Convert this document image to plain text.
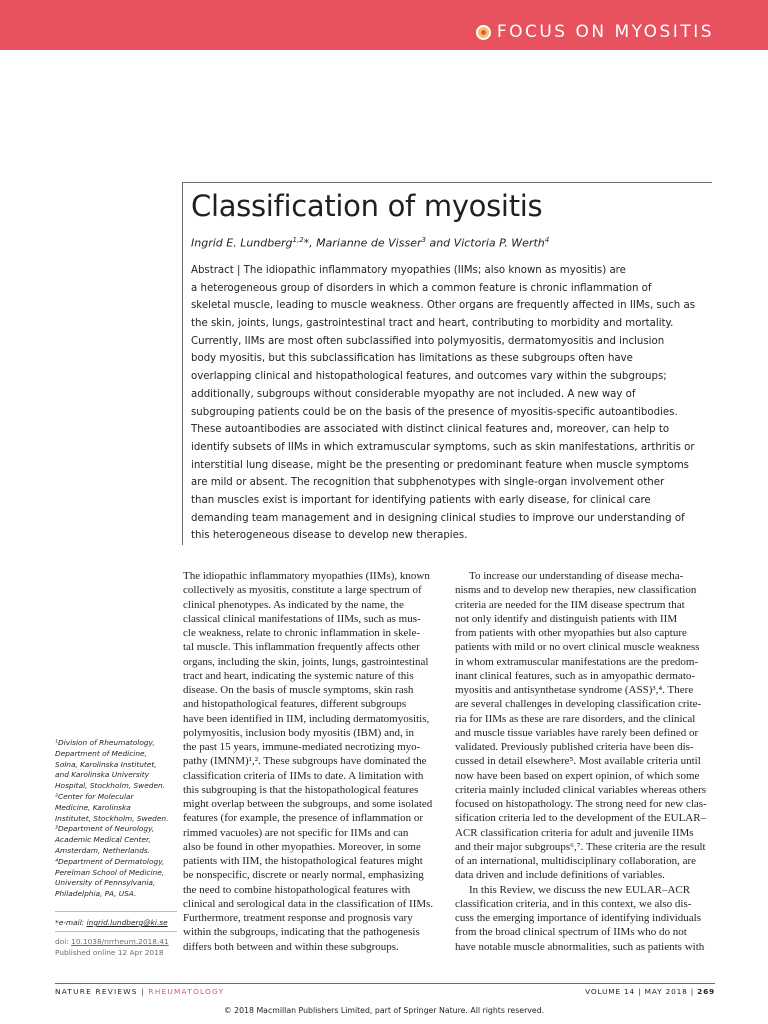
FOCUS ON MYOSITIS
Classification of myositis
Ingrid E. Lundberg$^{1,2}$*, Marianne de Visser$^3$ and Victoria P. Werth$^4$
Abstract | The idiopathic inflammatory myopathies (IIMs; also known as myositis) are
a heterogeneous group of disorders in which a common feature is chronic inflammation of
skeletal muscle, leading to muscle weakness. Other organs are frequently affected in IIMs, such as
the skin, joints, lungs, gastrointestinal tract and heart, contributing to morbidity and mortality.
Currently, IIMs are most often subclassified into polymyositis, dermatomyositis and inclusion
body myositis, but this subclassification has limitations as these subgroups often have
overlapping clinical and histopathological features, and outcomes vary within the subgroups;
additionally, subgroups without considerable myopathy are not included. A new way of
subgrouping patients could be on the basis of the presence of myositis-specific autoantibodies.
These autoantibodies are associated with distinct clinical features and, moreover, can help to
identify subsets of IIMs in which extramuscular symptoms, such as skin manifestations, arthritis or
interstitial lung disease, might be the presenting or predominant feature when muscle symptoms
are mild or absent. The recognition that subphenotypes with single-organ involvement other
than muscles exist is important for identifying patients with early disease, for clinical care
demanding team management and in designing clinical studies to improve our understanding of
this heterogeneous disease to develop new therapies.
The idiopathic inflammatory myopathies (IIMs), known
collectively as myositis, constitute a large spectrum of
clinical phenotypes. As indicated by the name, the
classical clinical manifestations of IIMs, such as mus-
cle weakness, relate to chronic inflammation in skele-
tal muscle. This inflammation frequently affects other
organs, including the skin, joints, lungs, gastrointestinal
tract and heart, indicating the systemic nature of this
disease. On the basis of muscle symptoms, skin rash
and histopathological features, different subgroups
have been identified in IIM, including dermatomyositis,
polymyositis, inclusion body myositis (IBM) and, in
the past 15 years, immune-mediated necrotizing myo-
pathy (IMNM)¹,². These subgroups have dominated the
classification criteria of IIMs to date. A limitation with
this subgrouping is that the histopathological features
might overlap between the subgroups, and some isolated
features (for example, the presence of inflammation or
rimmed vacuoles) are not specific for IIMs and can
also be found in other myopathies. Moreover, in some
patients with IIM, the histopathological features might
be nonspecific, discrete or nearly normal, emphasizing
the need to combine histopathological features with
clinical and serological data in the classification of IIMs.
Furthermore, treatment response and prognosis vary
within the subgroups, indicating that the pathogenesis
differs both between and within these subgroups.
To increase our understanding of disease mecha-
nisms and to develop new therapies, new classification
criteria are needed for the IIM disease spectrum that
not only identify and distinguish patients with IIM
from patients with other myopathies but also capture
patients with mild or no overt clinical muscle weakness
in whom extramuscular manifestations are the predom-
inant clinical features, such as in amyopathic dermato-
myositis and antisynthetase syndrome (ASS)³,⁴. There
are several challenges in developing classification crite-
ria for IIMs as these are rare disorders, and the clinical
and muscle tissue variables have rarely been defined or
validated. Previously published criteria have been dis-
cussed in detail elsewhere⁵. Most available criteria until
now have been based on expert opinion, of which some
criteria mainly included clinical variables whereas others
focused on histopathology. The strong need for new clas-
sification criteria led to the development of the EULAR–
ACR classification criteria for adult and juvenile IIMs
and their major subgroups⁶,⁷. These criteria are the result
of an international, multidisciplinary collaboration, are
data driven and include definitions of variables.
In this Review, we discuss the new EULAR–ACR
classification criteria, and in this context, we also dis-
cuss the emerging importance of identifying individuals
from the broad clinical spectrum of IIMs who do not
have notable muscle abnormalities, such as patients with
¹Division of Rheumatology,
Department of Medicine,
Solna, Karolinska Institutet,
and Karolinska University
Hospital, Stockholm, Sweden.
²Center for Molecular
Medicine, Karolinska
Institutet, Stockholm, Sweden.
³Department of Neurology,
Academic Medical Center,
Amsterdam, Netherlands.
⁴Department of Dermatology,
Perelman School of Medicine,
University of Pennsylvania,
Philadelphia, PA, USA.
*e-mail: ingrid.lundberg@ki.se
doi: 10.1038/nrrheum.2018.41
Published online 12 Apr 2018
NATURE REVIEWS | RHEUMATOLOGY	VOLUME 14 | MAY 2018 | 269
© 2018 Macmillan Publishers Limited, part of Springer Nature. All rights reserved.
